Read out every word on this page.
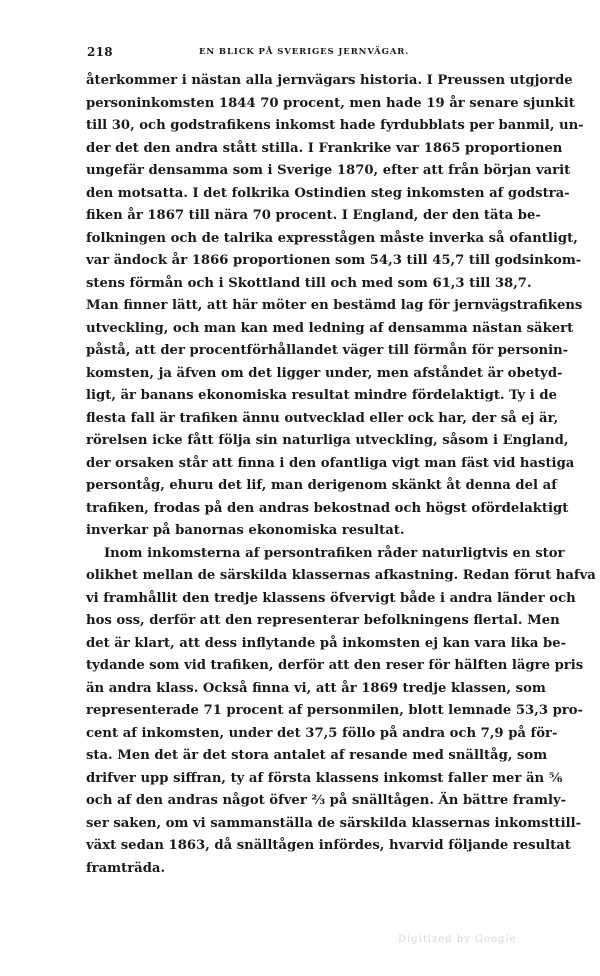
218	EN BLICK PÅ SVERIGES JERNVÄGAR.
återkommer i nästan alla jernvägars historia. I Preussen utgjorde
personinkomsten 1844 70 procent, men hade 19 år senare sjunkit
till 30, och godstrafikens inkomst hade fyrdubblats per banmil, un-
der det den andra stått stilla. I Frankrike var 1865 proportionen
ungefär densamma som i Sverige 1870, efter att från början varit
den motsatta. I det folkrika Ostindien steg inkomsten af godstra-
fiken år 1867 till nära 70 procent. I England, der den täta be-
folkningen och de talrika expresstågen måste inverka så ofantligt,
var ändock år 1866 proportionen som 54,3 till 45,7 till godsinkom-
stens förmån och i Skottland till och med som 61,3 till 38,7.
Man finner lätt, att här möter en bestämd lag för jernvägstrafikens
utveckling, och man kan med ledning af densamma nästan säkert
påstå, att der procentförhållandet väger till förmån för personin-
komsten, ja äfven om det ligger under, men afståndet är obetyd-
ligt, är banans ekonomiska resultat mindre fördelaktigt. Ty i de
flesta fall är trafiken ännu outvecklad eller ock har, der så ej är,
rörelsen icke fått följa sin naturliga utveckling, såsom i England,
der orsaken står att finna i den ofantliga vigt man fäst vid hastiga
persontåg, ehuru det lif, man derigenom skänkt åt denna del af
trafiken, frodas på den andras bekostnad och högst ofördelaktigt
inverkar på banornas ekonomiska resultat.
Inom inkomsterna af persontrafiken råder naturligtvis en stor
olikhet mellan de särskilda klassernas afkastning. Redan förut hafva
vi framhållit den tredje klassens öfvervigt både i andra länder och
hos oss, derför att den representerar befolkningens flertal. Men
det är klart, att dess inflytande på inkomsten ej kan vara lika be-
tydande som vid trafiken, derför att den reser för hälften lägre pris
än andra klass. Också finna vi, att år 1869 tredje klassen, som
representerade 71 procent af personmilen, blott lemnade 53,3 pro-
cent af inkomsten, under det 37,5 föllo på andra och 7,9 på för-
sta. Men det är det stora antalet af resande med snälltåg, som
drifver upp siffran, ty af första klassens inkomst faller mer än ⅚
och af den andras något öfver ⅔ på snälltågen. Än bättre framly-
ser saken, om vi sammanställa de särskilda klassernas inkomsttill-
växt sedan 1863, då snälltågen infördes, hvarvid följande resultat
framträda.
Digitized by Google
